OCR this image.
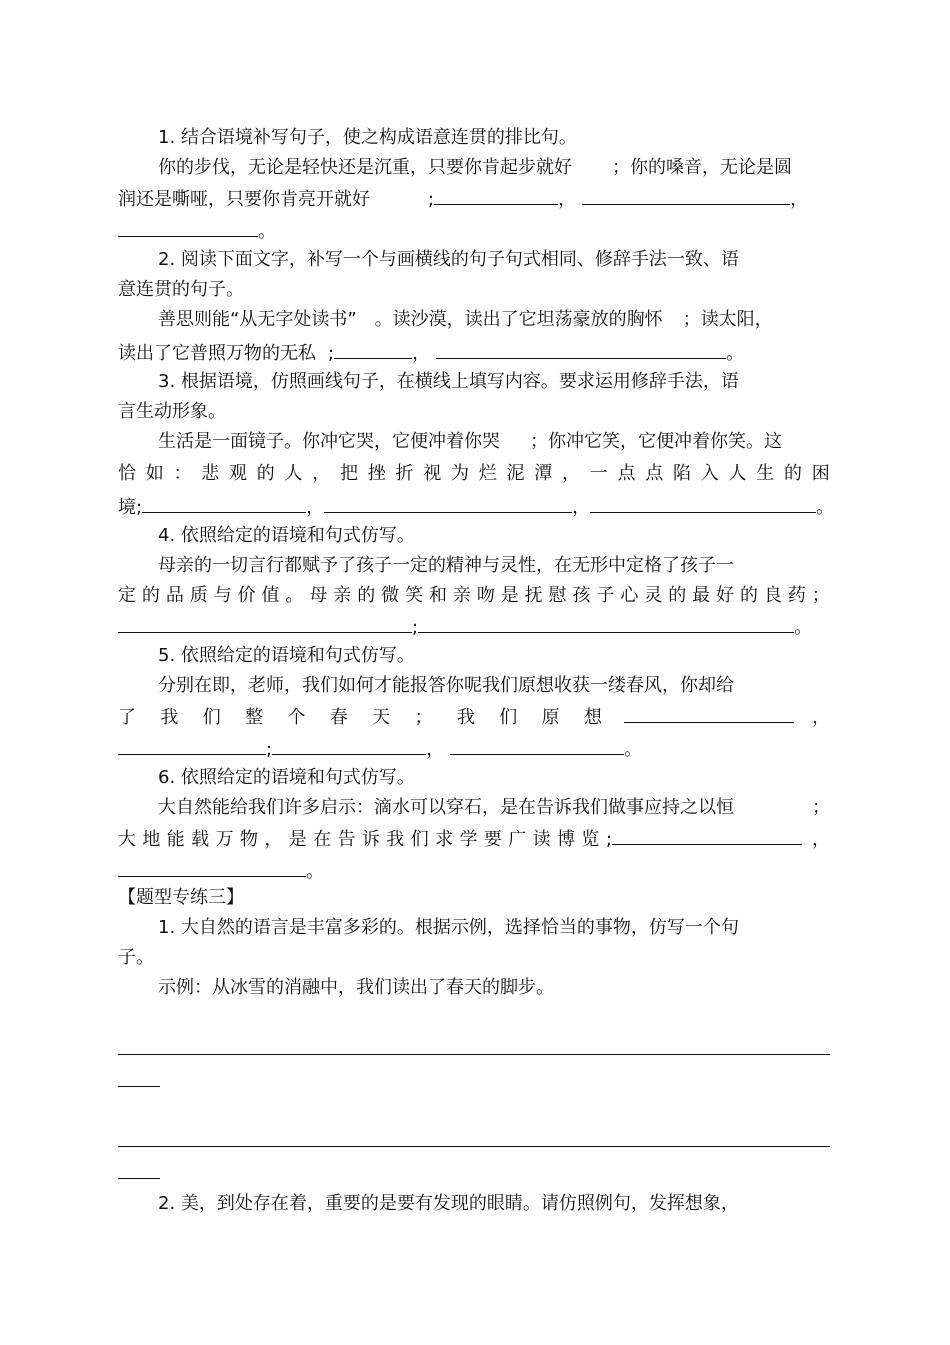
1. 结合语境补写句子，使之构成语意连贯的排比句。
你的步伐，无论是轻快还是沉重，只要你肯起步就好 ；你的嗓音，无论是圆
润还是嘶哑，只要你肯亮开就好	;	，	，
。
2. 阅读下面文字，补写一个与画横线的句子句式相同、修辞手法一致、语
意连贯的句子。
善思则能“从无字处读书” 。读沙漠，读出了它坦荡豪放的胸怀 ；读太阳，
读出了它普照万物的无私 ;	，	。
3. 根据语境，仿照画线句子，在横线上填写内容。要求运用修辞手法，语
言生动形象。
生活是一面镜子。你冲它哭，它便冲着你哭 ；你冲它笑，它便冲着你笑。这
恰 如 ： 悲 观 的 人 ， 把 挫 折 视 为 烂 泥 潭 ， 一 点 点 陷 入 人 生 的 困
境;	，	，	。
4. 依照给定的语境和句式仿写。
母亲的一切言行都赋予了孩子一定的精神与灵性，在无形中定格了孩子一
定 的 品 质 与 价 值 。 母 亲 的 微 笑 和 亲 吻 是 抚 慰 孩 子 心 灵 的 最 好 的 良 药 ；
;	。
5. 依照给定的语境和句式仿写。
分别在即，老师，我们如何才能报答你呢我们原想收获一缕春风，你却给
了 我 们 整 个 春 天 ； 我 们 原 想	，
;	，	。
6. 依照给定的语境和句式仿写。
大自然能给我们许多启示：滴水可以穿石，是在告诉我们做事应持之以恒	；
大 地 能 载 万 物 ， 是 在 告 诉 我 们 求 学 要 广 读 博 览 ;	，
。
【题型专练三】
1. 大自然的语言是丰富多彩的。根据示例，选择恰当的事物，仿写一个句
子。
示例：从冰雪的消融中，我们读出了春天的脚步。
2. 美，到处存在着，重要的是要有发现的眼睛。请仿照例句，发挥想象，
